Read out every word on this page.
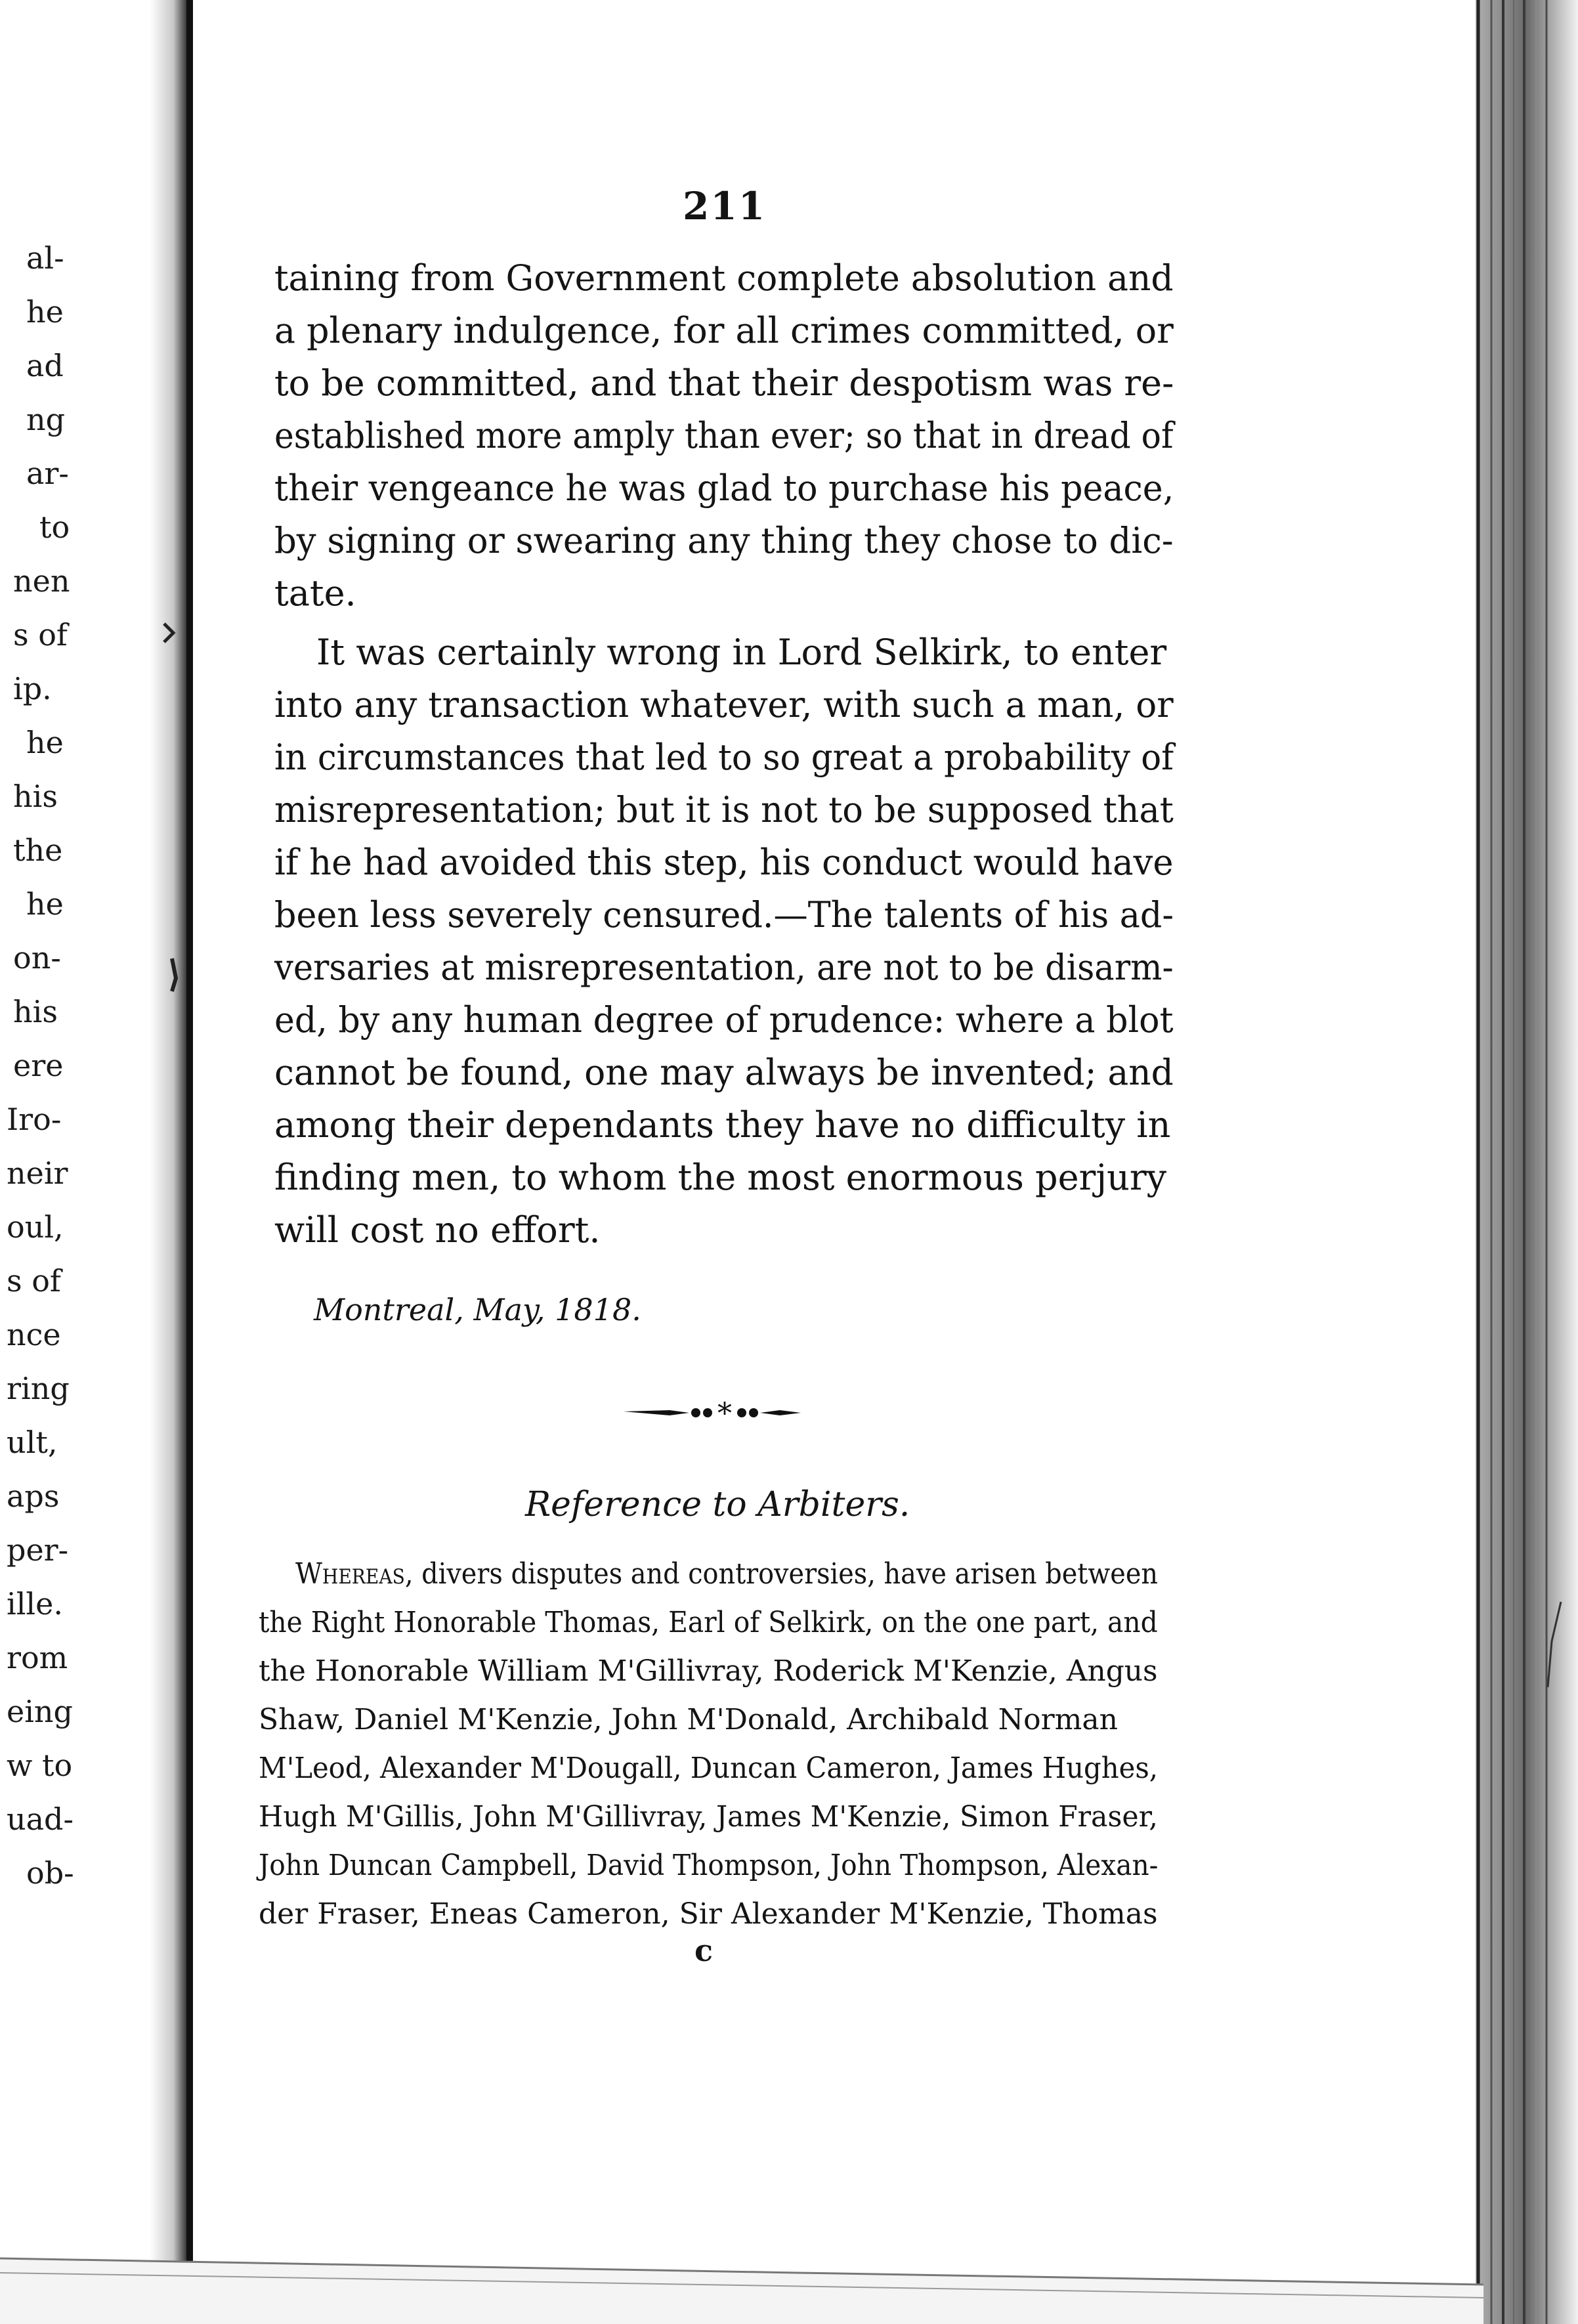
*
al-
he
ad
ng
ar-
to
nen
s of
ip.
he
his
the
he
on-
his
ere
Iro-
neir
oul,
s of
nce
ring
ult,
aps
per-
ille.
rom
eing
w to
uad-
ob-
211
taining from Government complete absolution and
a plenary indulgence, for all crimes committed, or
to be committed, and that their despotism was re-
established more amply than ever; so that in dread of
their vengeance he was glad to purchase his peace,
by signing or swearing any thing they chose to dic-
tate.
It was certainly wrong in Lord Selkirk, to enter
into any transaction whatever, with such a man, or
in circumstances that led to so great a probability of
misrepresentation; but it is not to be supposed that
if he had avoided this step, his conduct would have
been less severely censured.—The talents of his ad-
versaries at misrepresentation, are not to be disarm-
ed, by any human degree of prudence: where a blot
cannot be found, one may always be invented; and
among their dependants they have no difficulty in
finding men, to whom the most enormous perjury
will cost no effort.
Montreal, May, 1818.
Reference to Arbiters.
Whereas, divers disputes and controversies, have arisen between
the Right Honorable Thomas, Earl of Selkirk, on the one part, and
the Honorable William M'Gillivray, Roderick M'Kenzie, Angus
Shaw, Daniel M'Kenzie, John M'Donald, Archibald Norman
M'Leod, Alexander M'Dougall, Duncan Cameron, James Hughes,
Hugh M'Gillis, John M'Gillivray, James M'Kenzie, Simon Fraser,
John Duncan Campbell, David Thompson, John Thompson, Alexan-
der Fraser, Eneas Cameron, Sir Alexander M'Kenzie, Thomas
c
